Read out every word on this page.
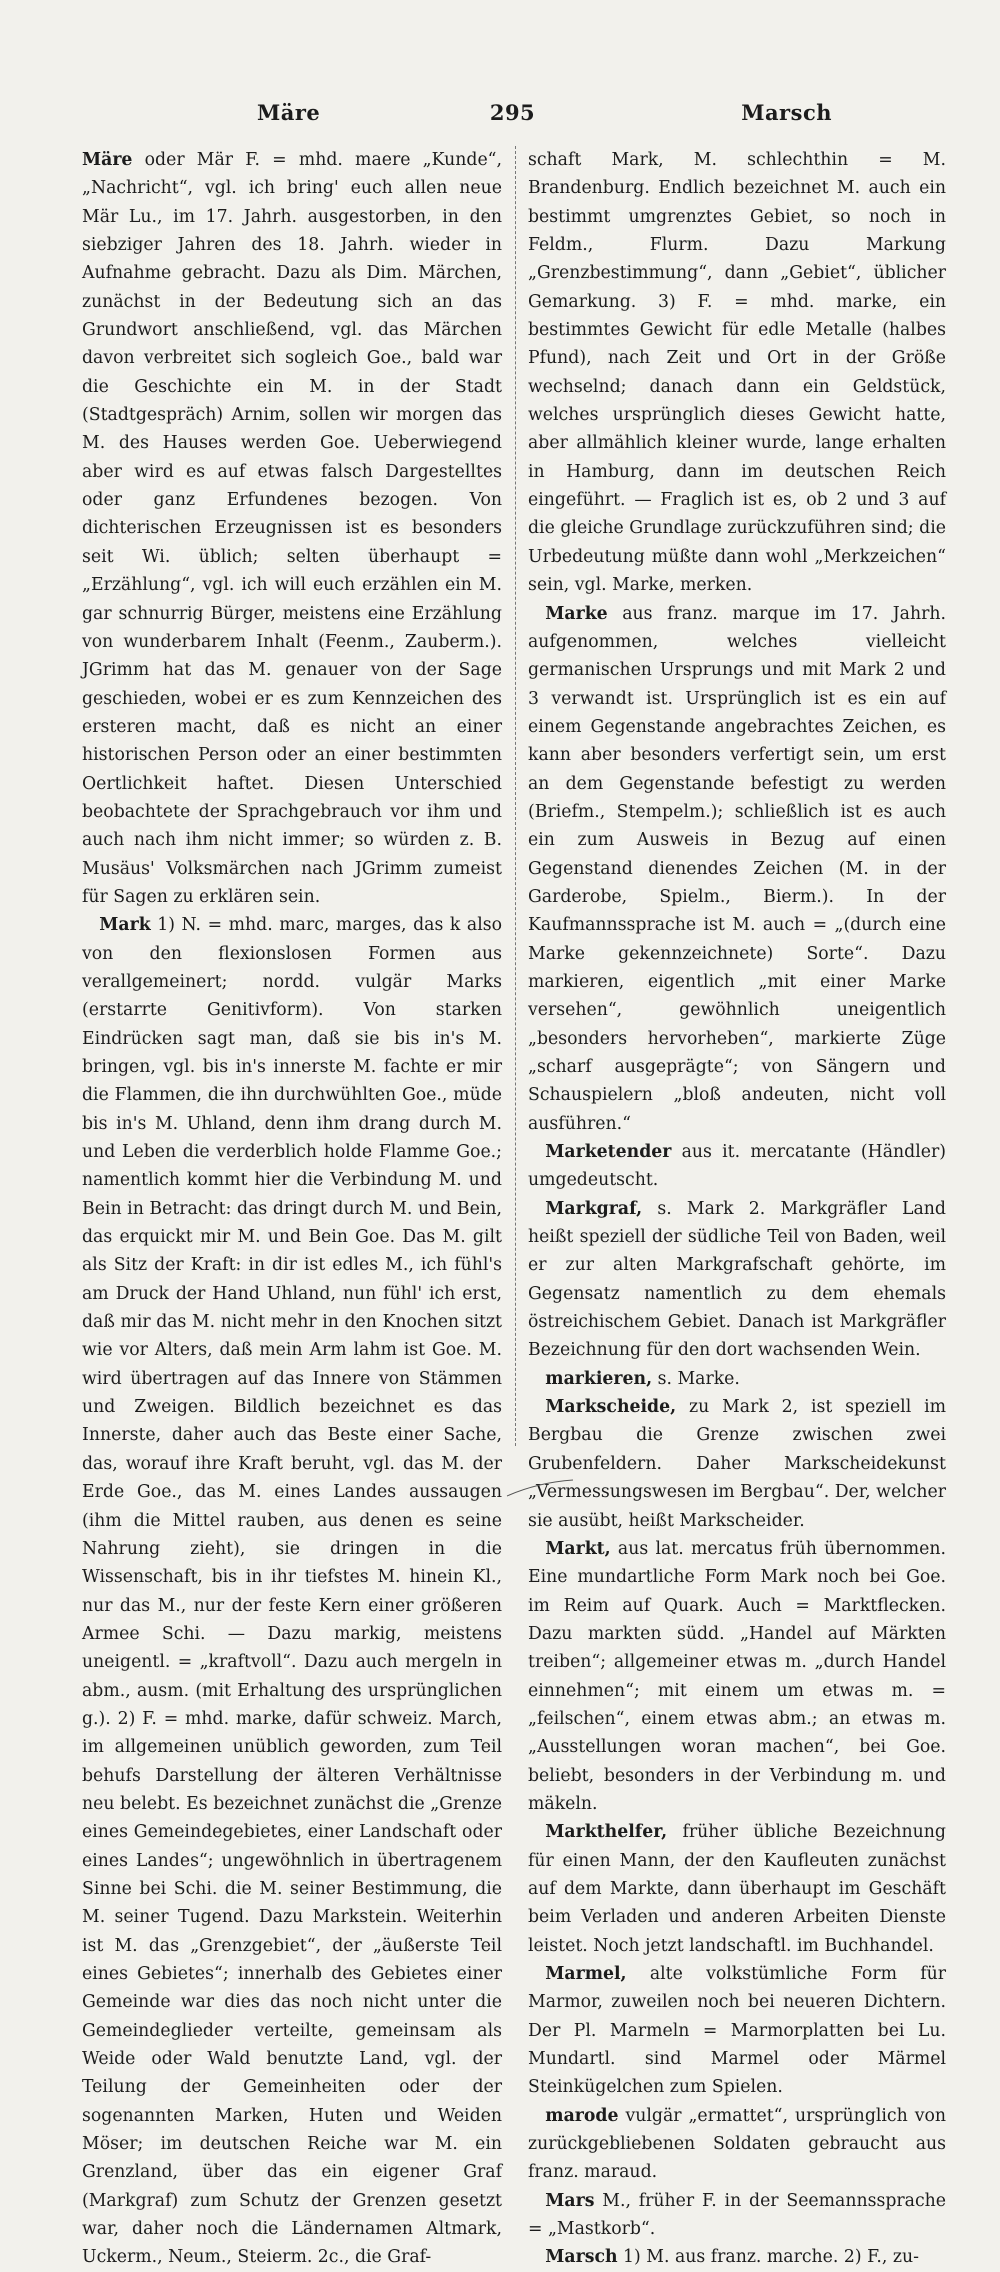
Märe	295	Marsch

Märe oder Mär F. = mhd. maere „Kunde“, „Nachricht“, vgl. ich bring' euch allen neue Mär Lu., im 17. Jahrh. ausgestorben, in den siebziger Jahren des 18. Jahrh. wieder in Aufnahme gebracht. Dazu als Dim. Märchen, zunächst in der Bedeutung sich an das Grundwort anschließend, vgl. das Märchen davon verbreitet sich sogleich Goe., bald war die Geschichte ein M. in der Stadt (Stadtgespräch) Arnim, sollen wir morgen das M. des Hauses werden Goe. Ueberwiegend aber wird es auf etwas falsch Dargestelltes oder ganz Erfundenes bezogen. Von dichterischen Erzeugnissen ist es besonders seit Wi. üblich; selten überhaupt = „Erzählung“, vgl. ich will euch erzählen ein M. gar schnurrig Bürger, meistens eine Erzählung von wunderbarem Inhalt (Feenm., Zauberm.). JGrimm hat das M. genauer von der Sage geschieden, wobei er es zum Kennzeichen des ersteren macht, daß es nicht an einer historischen Person oder an einer bestimmten Oertlichkeit haftet. Diesen Unterschied beobachtete der Sprachgebrauch vor ihm und auch nach ihm nicht immer; so würden z. B. Musäus' Volksmärchen nach JGrimm zumeist für Sagen zu erklären sein.

 Mark 1) N. = mhd. marc, marges, das k also von den flexionslosen Formen aus verallgemeinert; nordd. vulgär Marks (erstarrte Genitivform). Von starken Eindrücken sagt man, daß sie bis in's M. bringen, vgl. bis in's innerste M. fachte er mir die Flammen, die ihn durchwühlten Goe., müde bis in's M. Uhland, denn ihm drang durch M. und Leben die verderblich holde Flamme Goe.; namentlich kommt hier die Verbindung M. und Bein in Betracht: das dringt durch M. und Bein, das erquickt mir M. und Bein Goe. Das M. gilt als Sitz der Kraft: in dir ist edles M., ich fühl's am Druck der Hand Uhland, nun fühl' ich erst, daß mir das M. nicht mehr in den Knochen sitzt wie vor Alters, daß mein Arm lahm ist Goe. M. wird übertragen auf das Innere von Stämmen und Zweigen. Bildlich bezeichnet es das Innerste, daher auch das Beste einer Sache, das, worauf ihre Kraft beruht, vgl. das M. der Erde Goe., das M. eines Landes aussaugen (ihm die Mittel rauben, aus denen es seine Nahrung zieht), sie dringen in die Wissenschaft, bis in ihr tiefstes M. hinein Kl., nur das M., nur der feste Kern einer größeren Armee Schi. — Dazu markig, meistens uneigentl. = „kraftvoll“. Dazu auch mergeln in abm., ausm. (mit Erhaltung des ursprünglichen g.). 2) F. = mhd. marke, dafür schweiz. March, im allgemeinen unüblich geworden, zum Teil behufs Darstellung der älteren Verhältnisse neu belebt. Es bezeichnet zunächst die „Grenze eines Gemeindegebietes, einer Landschaft oder eines Landes“; ungewöhnlich in übertragenem Sinne bei Schi. die M. seiner Bestimmung, die M. seiner Tugend. Dazu Markstein. Weiterhin ist M. das „Grenzgebiet“, der „äußerste Teil eines Gebietes“; innerhalb des Gebietes einer Gemeinde war dies das noch nicht unter die Gemeindeglieder verteilte, gemeinsam als Weide oder Wald benutzte Land, vgl. der Teilung der Gemeinheiten oder der sogenannten Marken, Huten und Weiden Möser; im deutschen Reiche war M. ein Grenzland, über das ein eigener Graf (Markgraf) zum Schutz der Grenzen gesetzt war, daher noch die Ländernamen Altmark, Uckerm., Neum., Steierm. 2c., die Graf-

schaft Mark, M. schlechthin = M. Brandenburg. Endlich bezeichnet M. auch ein bestimmt umgrenztes Gebiet, so noch in Feldm., Flurm. Dazu Markung „Grenzbestimmung“, dann „Gebiet“, üblicher Gemarkung. 3) F. = mhd. marke, ein bestimmtes Gewicht für edle Metalle (halbes Pfund), nach Zeit und Ort in der Größe wechselnd; danach dann ein Geldstück, welches ursprünglich dieses Gewicht hatte, aber allmählich kleiner wurde, lange erhalten in Hamburg, dann im deutschen Reich eingeführt. — Fraglich ist es, ob 2 und 3 auf die gleiche Grundlage zurückzuführen sind; die Urbedeutung müßte dann wohl „Merkzeichen“ sein, vgl. Marke, merken.

 Marke aus franz. marque im 17. Jahrh. aufgenommen, welches vielleicht germanischen Ursprungs und mit Mark 2 und 3 verwandt ist. Ursprünglich ist es ein auf einem Gegenstande angebrachtes Zeichen, es kann aber besonders verfertigt sein, um erst an dem Gegenstande befestigt zu werden (Briefm., Stempelm.); schließlich ist es auch ein zum Ausweis in Bezug auf einen Gegenstand dienendes Zeichen (M. in der Garderobe, Spielm., Bierm.). In der Kaufmannssprache ist M. auch = „(durch eine Marke gekennzeichnete) Sorte“. Dazu markieren, eigentlich „mit einer Marke versehen“, gewöhnlich uneigentlich „besonders hervorheben“, markierte Züge „scharf ausgeprägte“; von Sängern und Schauspielern „bloß andeuten, nicht voll ausführen.“

 Marketender aus it. mercatante (Händler) umgedeutscht.

 Markgraf, s. Mark 2. Markgräfler Land heißt speziell der südliche Teil von Baden, weil er zur alten Markgrafschaft gehörte, im Gegensatz namentlich zu dem ehemals östreichischem Gebiet. Danach ist Markgräfler Bezeichnung für den dort wachsenden Wein.

 markieren, s. Marke.

 Markscheide, zu Mark 2, ist speziell im Bergbau die Grenze zwischen zwei Grubenfeldern. Daher Markscheidekunst „Vermessungswesen im Bergbau“. Der, welcher sie ausübt, heißt Markscheider.

 Markt, aus lat. mercatus früh übernommen. Eine mundartliche Form Mark noch bei Goe. im Reim auf Quark. Auch = Marktflecken. Dazu markten südd. „Handel auf Märkten treiben“; allgemeiner etwas m. „durch Handel einnehmen“; mit einem um etwas m. = „feilschen“, einem etwas abm.; an etwas m. „Ausstellungen woran machen“, bei Goe. beliebt, besonders in der Verbindung m. und mäkeln.

 Markthelfer, früher übliche Bezeichnung für einen Mann, der den Kaufleuten zunächst auf dem Markte, dann überhaupt im Geschäft beim Verladen und anderen Arbeiten Dienste leistet. Noch jetzt landschaftl. im Buchhandel.

 Marmel, alte volkstümliche Form für Marmor, zuweilen noch bei neueren Dichtern. Der Pl. Marmeln = Marmorplatten bei Lu. Mundartl. sind Marmel oder Märmel Steinkügelchen zum Spielen.

 marode vulgär „ermattet“, ursprünglich von zurückgebliebenen Soldaten gebraucht aus franz. maraud.

 Mars M., früher F. in der Seemannssprache = „Mastkorb“.

 Marsch 1) M. aus franz. marche. 2) F., zu-
